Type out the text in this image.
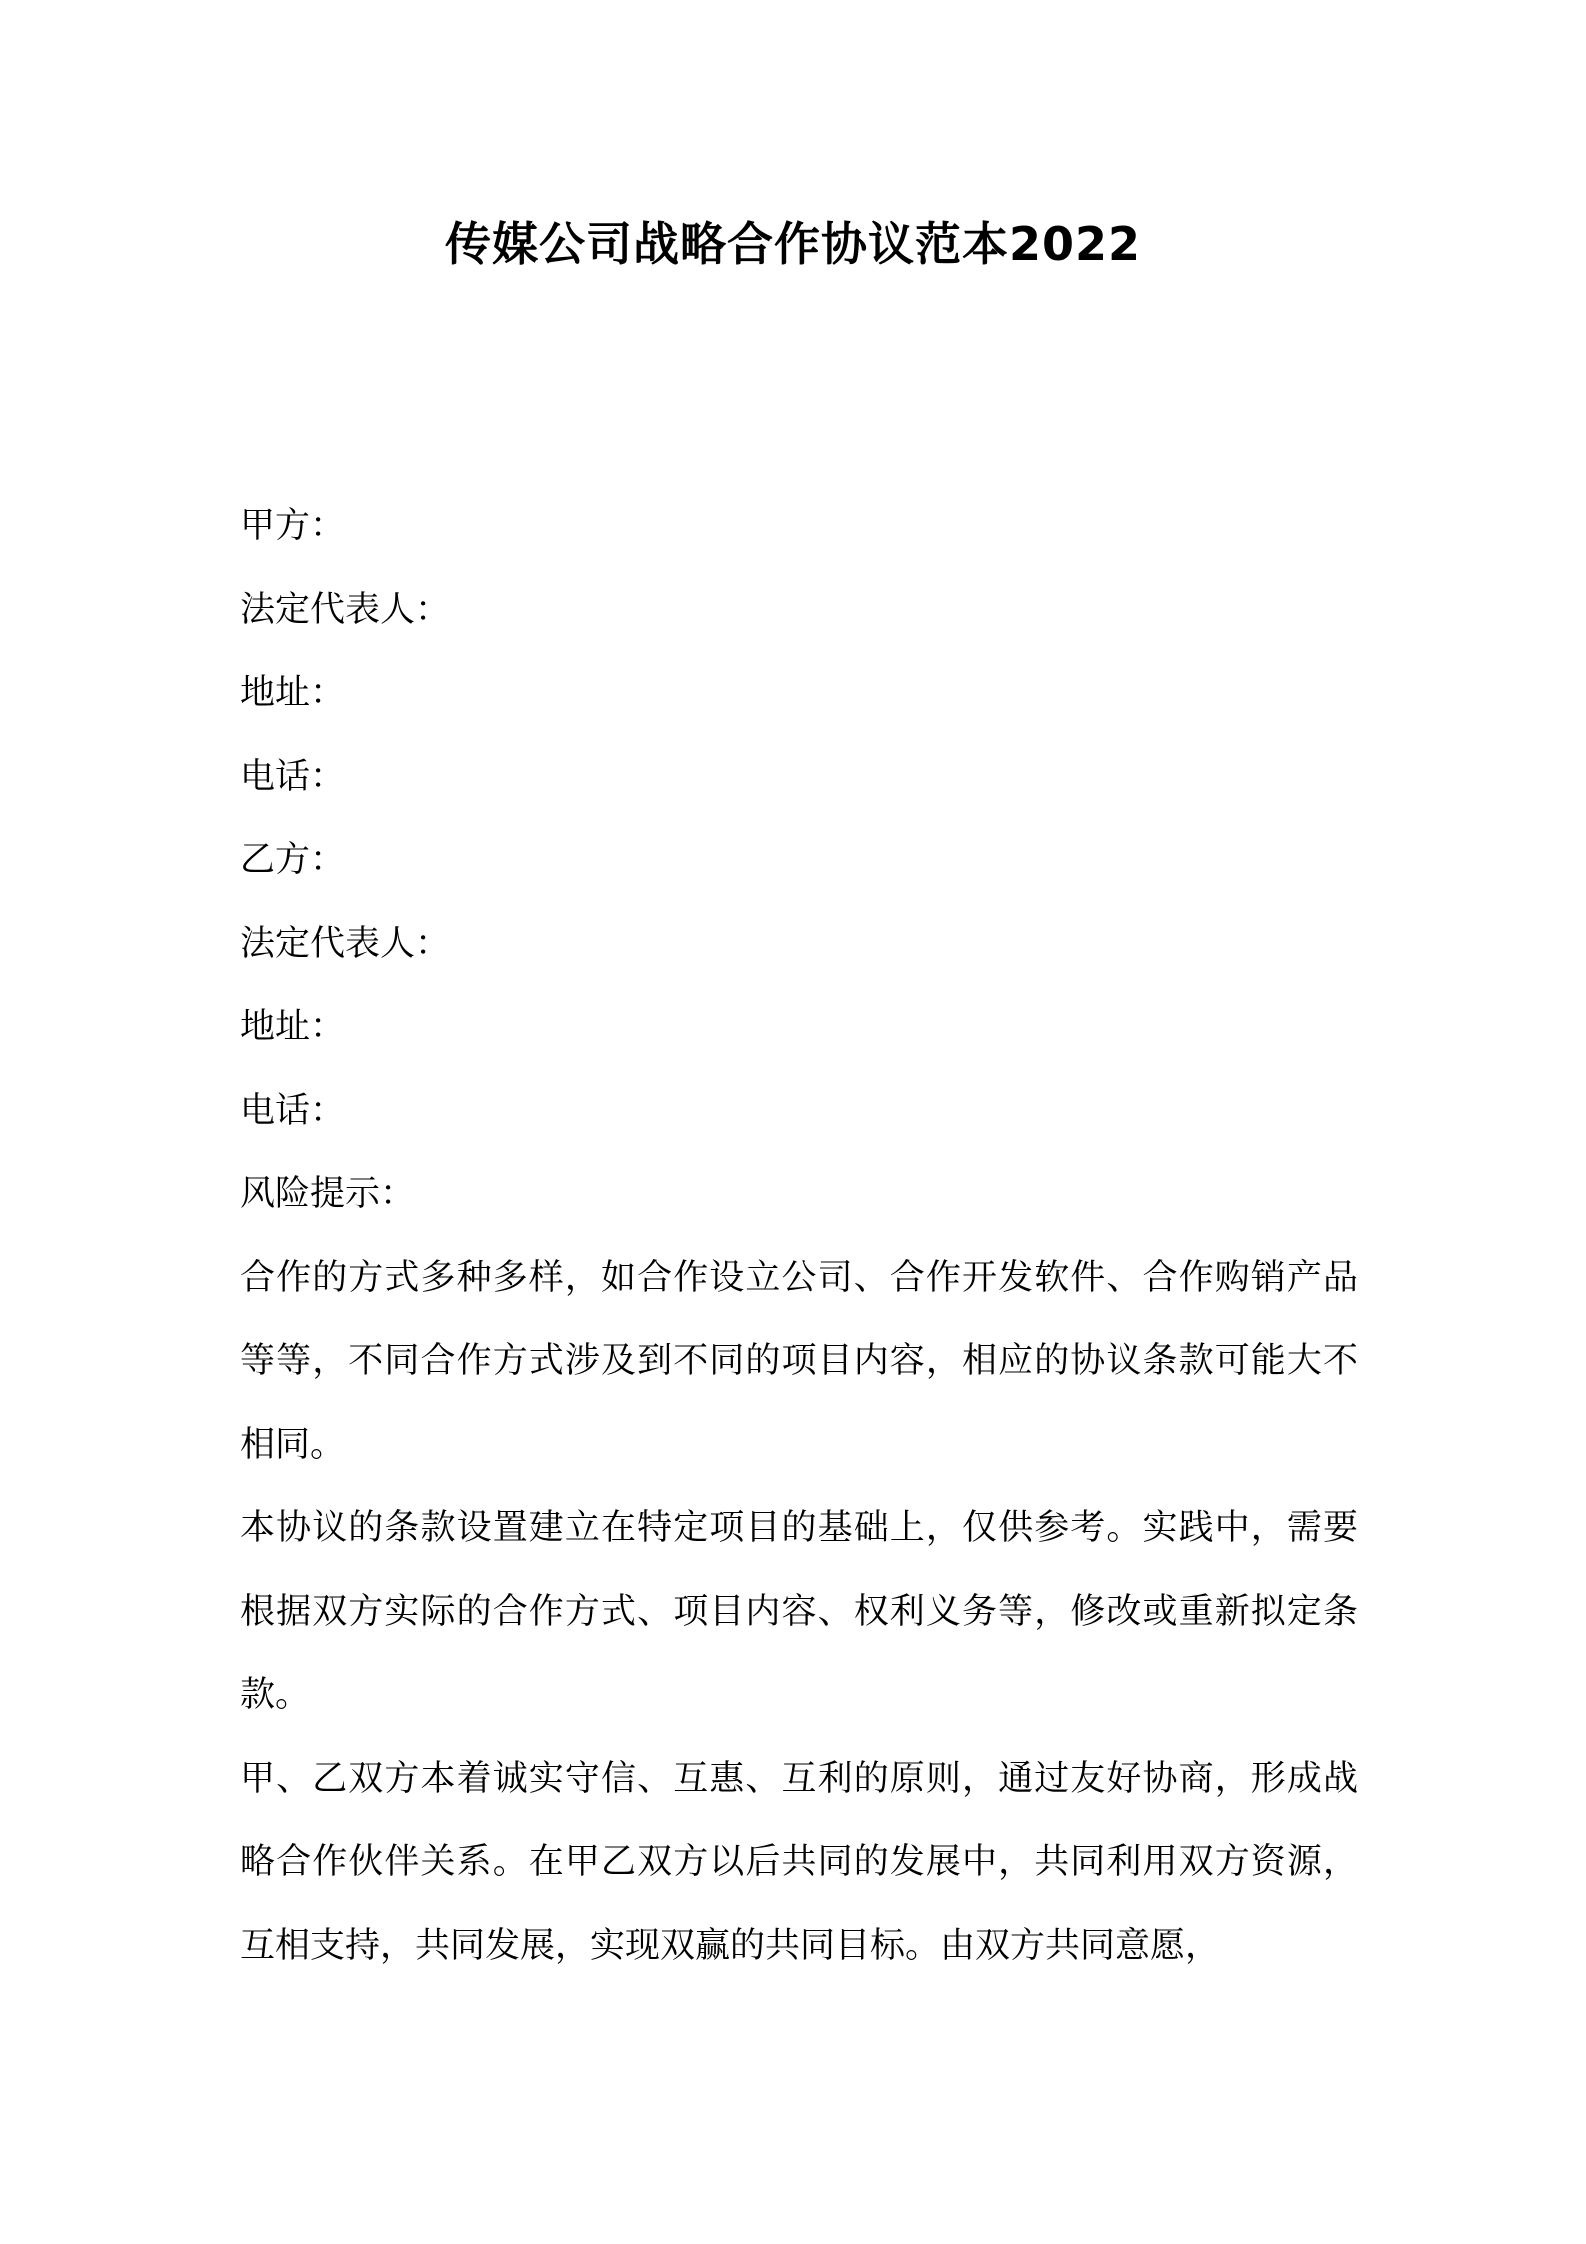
传媒公司战略合作协议范本2022

甲方：

法定代表人：

地址：

电话：

乙方：

法定代表人：

地址：

电话：

风险提示：

合作的方式多种多样，如合作设立公司、合作开发软件、合作购销产品等等，不同合作方式涉及到不同的项目内容，相应的协议条款可能大不相同。

本协议的条款设置建立在特定项目的基础上，仅供参考。实践中，需要根据双方实际的合作方式、项目内容、权利义务等，修改或重新拟定条款。

甲、乙双方本着诚实守信、互惠、互利的原则，通过友好协商，形成战略合作伙伴关系。在甲乙双方以后共同的发展中，共同利用双方资源，互相支持，共同发展，实现双赢的共同目标。由双方共同意愿，
